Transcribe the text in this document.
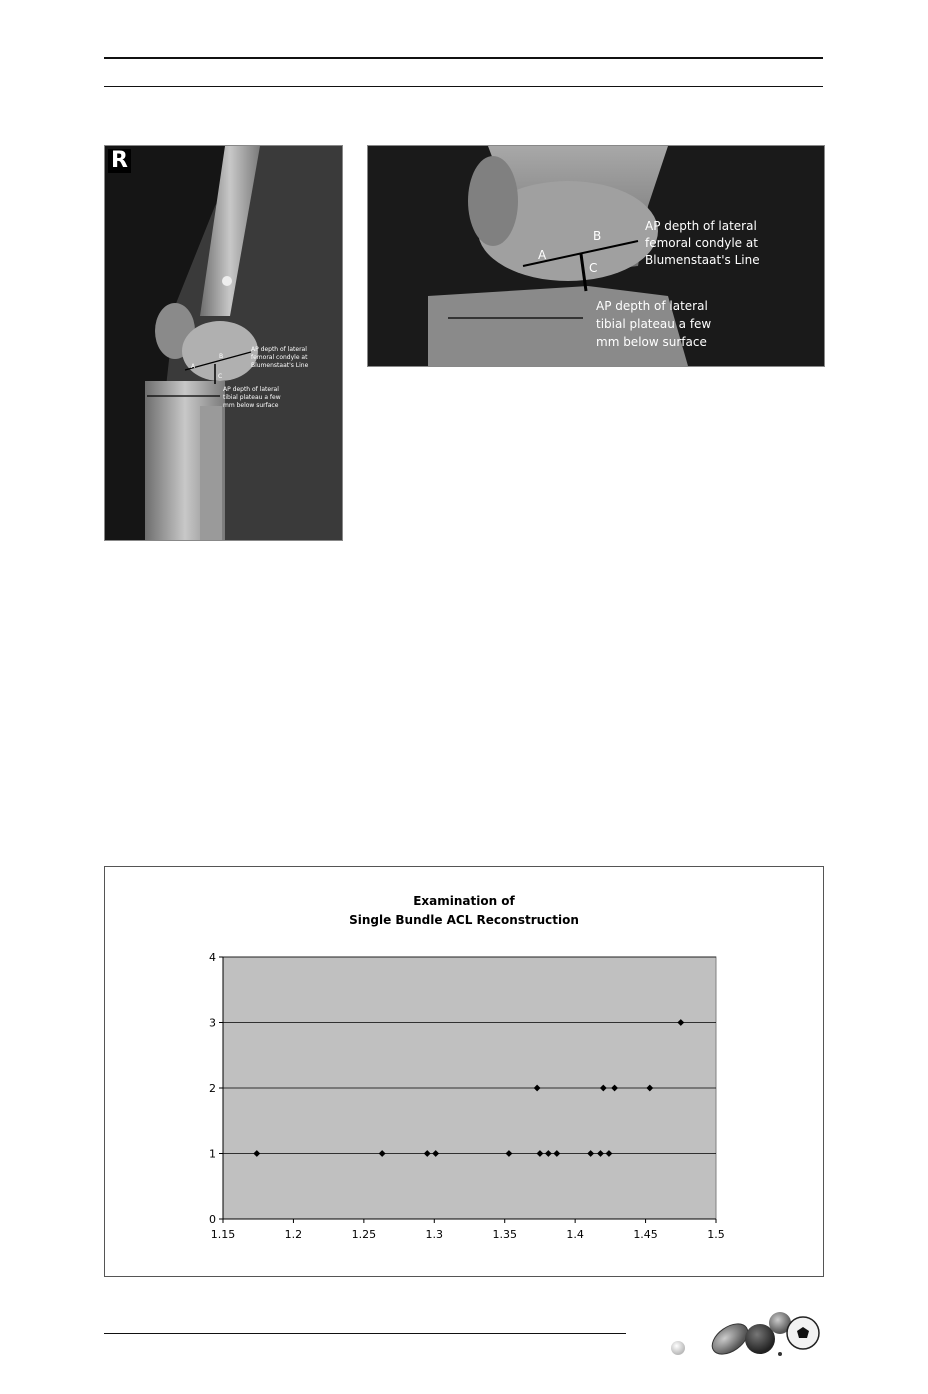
A
B
C
AP depth of lateral
femoral condyle at
Blumenstaat's Line
AP depth of lateral
tibial plateau a few
mm below surface
R
A
B
C
AP depth of lateral
femoral condyle at
Blumenstaat's Line
AP depth of lateral
tibial plateau a few
mm below surface
Examination of
Single Bundle ACL Reconstruction
0
1
2
3
4
1.15	1.2	1.25	1.3	1.35	1.4	1.45	1.5
